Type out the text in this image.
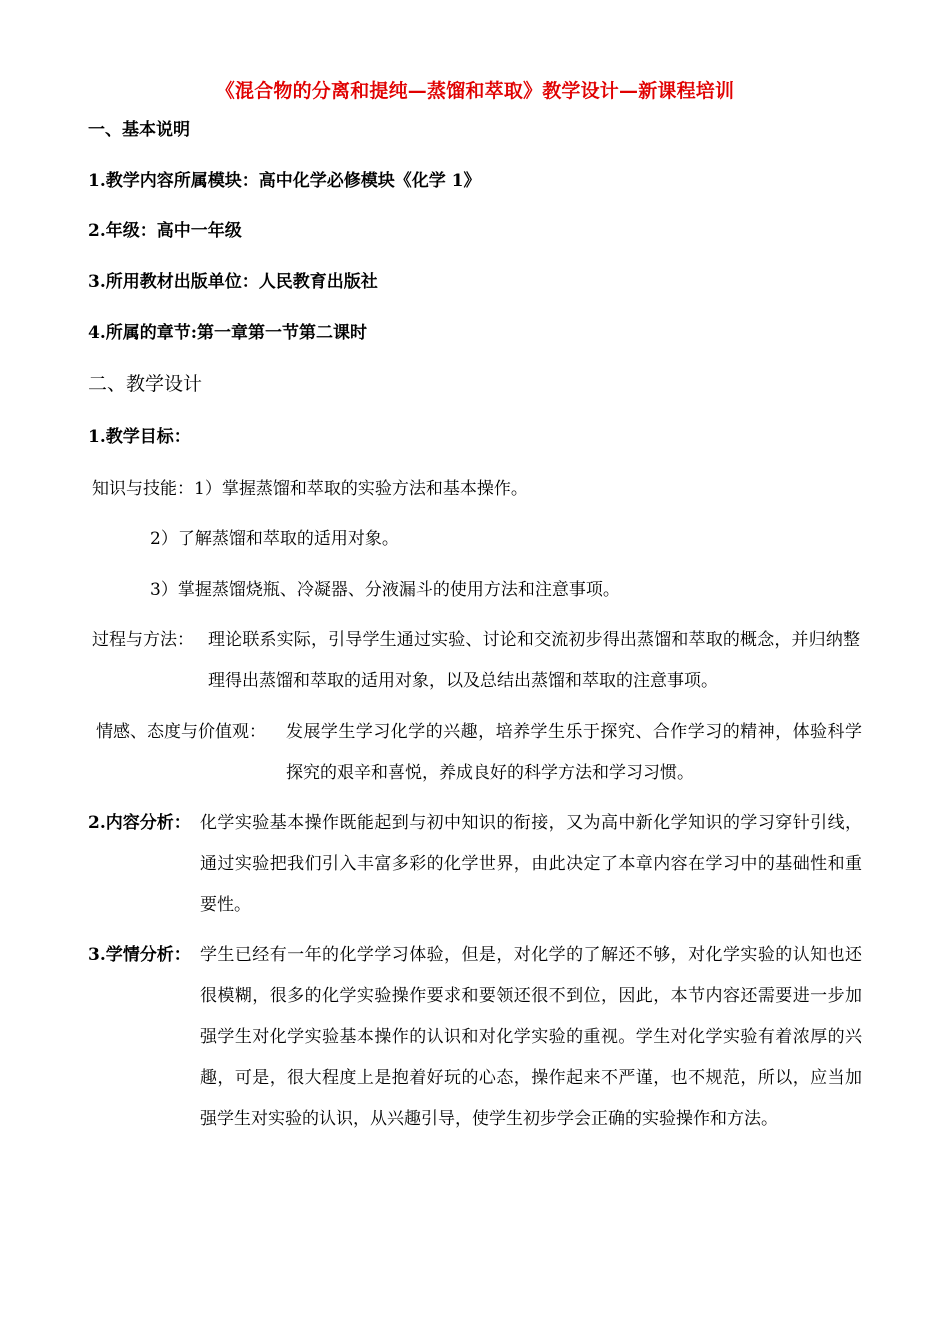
《混合物的分离和提纯—蒸馏和萃取》教学设计—新课程培训
一、基本说明
1.教学内容所属模块：高中化学必修模块《化学 1》
2.年级：高中一年级
3.所用教材出版单位：人民教育出版社
4.所属的章节:第一章第一节第二课时
二、教学设计
1.教学目标：
知识与技能：1）掌握蒸馏和萃取的实验方法和基本操作。
2）了解蒸馏和萃取的适用对象。
3）掌握蒸馏烧瓶、冷凝器、分液漏斗的使用方法和注意事项。
过程与方法： 理论联系实际，引导学生通过实验、讨论和交流初步得出蒸馏和萃取的概念，并归纳整理得出蒸馏和萃取的适用对象，以及总结出蒸馏和萃取的注意事项。
情感、态度与价值观： 发展学生学习化学的兴趣，培养学生乐于探究、合作学习的精神，体验科学探究的艰辛和喜悦，养成良好的科学方法和学习习惯。
2.内容分析： 化学实验基本操作既能起到与初中知识的衔接，又为高中新化学知识的学习穿针引线，通过实验把我们引入丰富多彩的化学世界，由此决定了本章内容在学习中的基础性和重要性。
3.学情分析： 学生已经有一年的化学学习体验，但是，对化学的了解还不够，对化学实验的认知也还很模糊，很多的化学实验操作要求和要领还很不到位，因此，本节内容还需要进一步加强学生对化学实验基本操作的认识和对化学实验的重视。学生对化学实验有着浓厚的兴趣，可是，很大程度上是抱着好玩的心态，操作起来不严谨，也不规范，所以，应当加强学生对实验的认识，从兴趣引导，使学生初步学会正确的实验操作和方法。
